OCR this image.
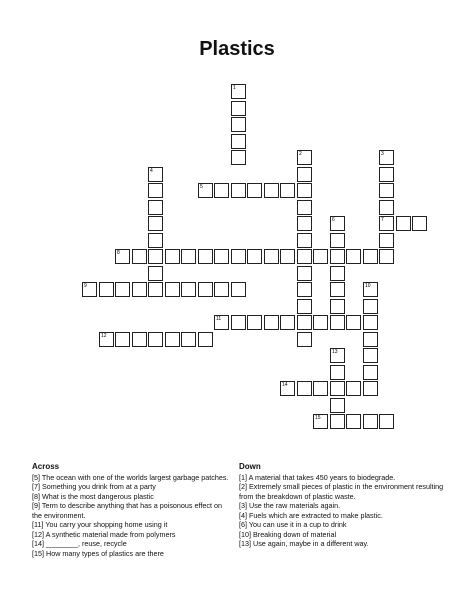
Plastics
1
2	3
7
4
5
6
8
9	10
11
12
13
14
15
Across

[5] The ocean with one of the worlds largest garbage patches.

[7] Something you drink from at a party

[8] What is the most dangerous plastic

[9] Term to describe anything that has a poisonous effect on the environment.

[11] You carry your shopping home using it

[12] A synthetic material made from polymers

[14] ________, reuse, recycle

[15] How many types of plastics are there

Down

[1] A material that takes 450 years to biodegrade.

[2] Extremely small pieces of plastic in the environment resulting from the breakdown of plastic waste.

[3] Use the raw materials again.

[4] Fuels which are extracted to make plastic.

[6] You can use it in a cup to drink

[10] Breaking down of material

[13] Use again, maybe in a different way.
